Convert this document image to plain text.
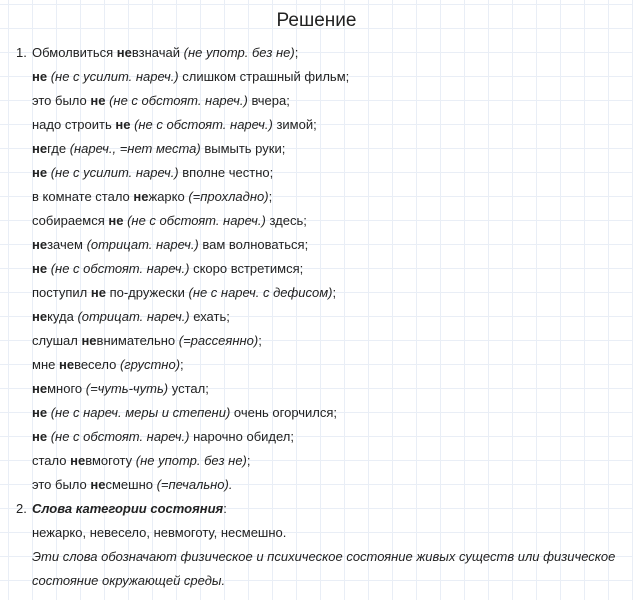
Решение
1. Обмолвиться невзначай (не употр. без не);
не (не с усилит. нареч.) слишком страшный фильм;
это было не (не с обстоят. нареч.) вчера;
надо строить не (не с обстоят. нареч.) зимой;
негде (нареч., =нет места) вымыть руки;
не (не с усилит. нареч.) вполне честно;
в комнате стало нежарко (=прохладно);
собираемся не (не с обстоят. нареч.) здесь;
незачем (отрицат. нареч.) вам волноваться;
не (не с обстоят. нареч.) скоро встретимся;
поступил не по-дружески (не с нареч. с дефисом);
некуда (отрицат. нареч.) ехать;
слушал невнимательно (=рассеянно);
мне невесело (грустно);
немного (=чуть-чуть) устал;
не (не с нареч. меры и степени) очень огорчился;
не (не с обстоят. нареч.) нарочно обидел;
стало невмоготу (не употр. без не);
это было несмешно (=печально).
2. Слова категории состояния:
нежарко, невесело, невмоготу, несмешно.
Эти слова обозначают физическое и психическое состояние живых существ или физическое
состояние окружающей среды.
